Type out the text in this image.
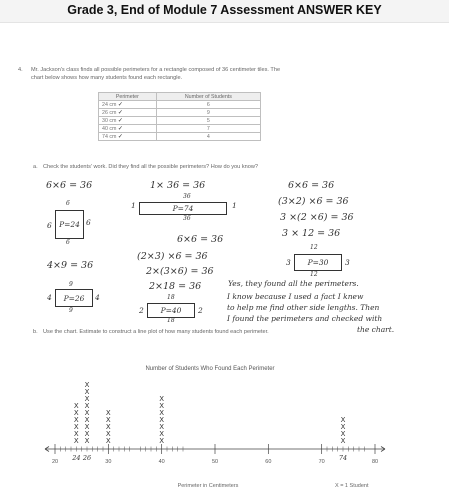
Grade 3, End of Module 7 Assessment ANSWER KEY
4. Mr. Jackson's class finds all possible perimeters for a rectangle composed of 36 centimeter tiles. The
chart below shows how many students found each rectangle.
Perimeter	Number of Students
24 cm ✓	6
26 cm ✓	9
30 cm ✓	5
40 cm ✓	7
74 cm ✓	4
a. Check the students' work. Did they find all the possible perimeters? How do you know?
6×6 = 36
6
6 P=24 6
6
1× 36 = 36
36
1	P=74	1
36
6×6 = 36
(3×2) ×6 = 36
3 ×(2 ×6) = 36
3 × 12 = 36
6×6 = 36
(2×3) ×6 = 36
2×(3×6) = 36
2×18 = 36
4×9 = 36
9
4 P=26 4
9
18
2 P=40 2
18
12
3 P=30 3
12
Yes, they found all the perimeters.
I know because I used a fact I knew
to help me find other side lengths. Then
I found the perimeters and checked with
the chart.
b. Use the chart. Estimate to construct a line plot of how many students found each perimeter.
Number of Students Who Found Each Perimeter
X
X
X
X
X
X
X
X
X
X
X
X
X
X
X
X
X
X
X
X
X
X
X
X
X
X
X
X
X
X
X
20	30	40	50	60	70	80
24 26	74
Perimeter in Centimeters	X = 1 Student
